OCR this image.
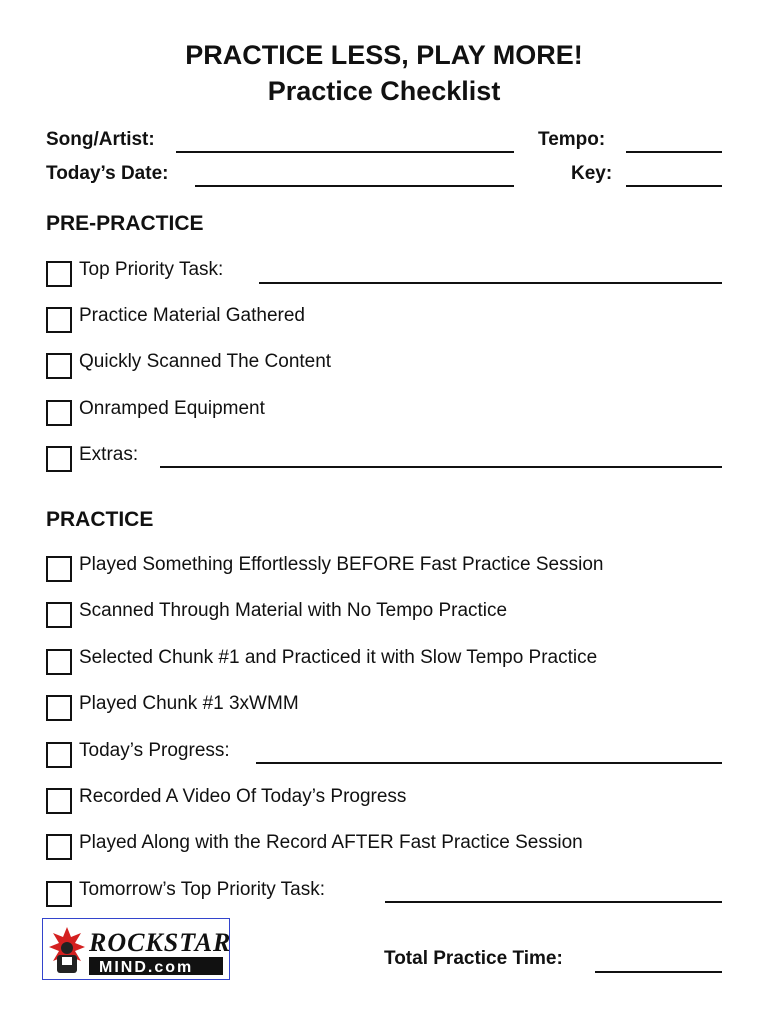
PRACTICE LESS, PLAY MORE!
Practice Checklist
Song/Artist:	Tempo:
Today’s Date:	Key:
PRE-PRACTICE
Top Priority Task:
Practice Material Gathered
Quickly Scanned The Content
Onramped Equipment
Extras:
PRACTICE
Played Something Effortlessly BEFORE Fast Practice Session
Scanned Through Material with No Tempo Practice
Selected Chunk #1 and Practiced it with Slow Tempo Practice
Played Chunk #1 3xWMM
Today’s Progress:
Recorded A Video Of Today’s Progress
Played Along with the Record AFTER Fast Practice Session
Tomorrow’s Top Priority Task:
ROCKSTAR
MIND.com	Total Practice Time:
